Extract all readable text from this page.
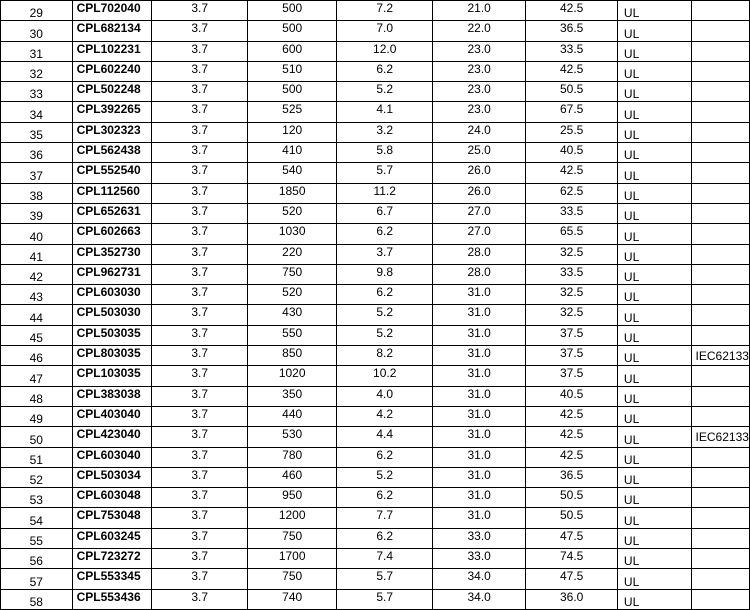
29	CPL702040	3.7	500	7.2	21.0	42.5	UL	
30	CPL682134	3.7	500	7.0	22.0	36.5	UL	
31	CPL102231	3.7	600	12.0	23.0	33.5	UL	
32	CPL602240	3.7	510	6.2	23.0	42.5	UL	
33	CPL502248	3.7	500	5.2	23.0	50.5	UL	
34	CPL392265	3.7	525	4.1	23.0	67.5	UL	
35	CPL302323	3.7	120	3.2	24.0	25.5	UL	
36	CPL562438	3.7	410	5.8	25.0	40.5	UL	
37	CPL552540	3.7	540	5.7	26.0	42.5	UL	
38	CPL112560	3.7	1850	11.2	26.0	62.5	UL	
39	CPL652631	3.7	520	6.7	27.0	33.5	UL	
40	CPL602663	3.7	1030	6.2	27.0	65.5	UL	
41	CPL352730	3.7	220	3.7	28.0	32.5	UL	
42	CPL962731	3.7	750	9.8	28.0	33.5	UL	
43	CPL603030	3.7	520	6.2	31.0	32.5	UL	
44	CPL503030	3.7	430	5.2	31.0	32.5	UL	
45	CPL503035	3.7	550	5.2	31.0	37.5	UL	
46	CPL803035	3.7	850	8.2	31.0	37.5	UL	IEC62133
47	CPL103035	3.7	1020	10.2	31.0	37.5	UL	
48	CPL383038	3.7	350	4.0	31.0	40.5	UL	
49	CPL403040	3.7	440	4.2	31.0	42.5	UL	
50	CPL423040	3.7	530	4.4	31.0	42.5	UL	IEC62133
51	CPL603040	3.7	780	6.2	31.0	42.5	UL	
52	CPL503034	3.7	460	5.2	31.0	36.5	UL	
53	CPL603048	3.7	950	6.2	31.0	50.5	UL	
54	CPL753048	3.7	1200	7.7	31.0	50.5	UL	
55	CPL603245	3.7	750	6.2	33.0	47.5	UL	
56	CPL723272	3.7	1700	7.4	33.0	74.5	UL	
57	CPL553345	3.7	750	5.7	34.0	47.5	UL	
58	CPL553436	3.7	740	5.7	34.0	36.0	UL	
